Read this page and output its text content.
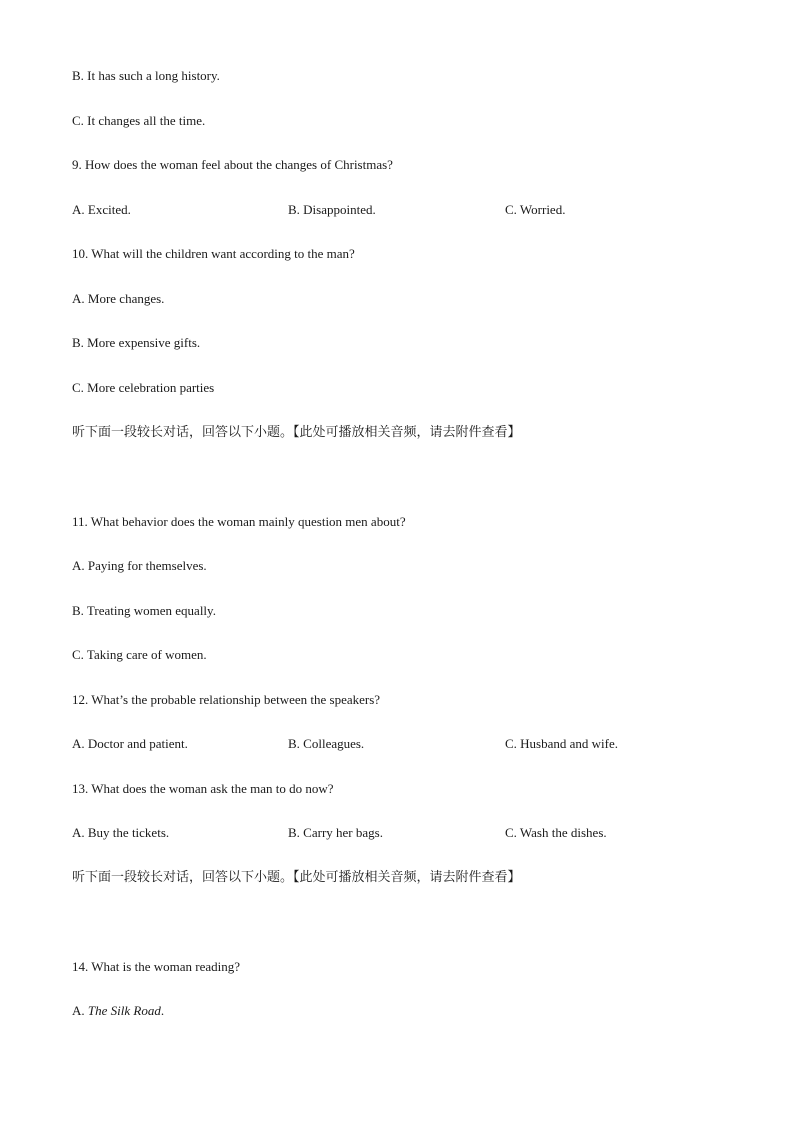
B. It has such a long history.
C. It changes all the time.
9. How does the woman feel about the changes of Christmas?
A. Excited.	B. Disappointed.	C. Worried.
10. What will the children want according to the man?
A. More changes.
B. More expensive gifts.
C. More celebration parties
听下面一段较长对话，回答以下小题。【此处可播放相关音频，请去附件查看】
11. What behavior does the woman mainly question men about?
A. Paying for themselves.
B. Treating women equally.
C. Taking care of women.
12. What’s the probable relationship between the speakers?
A. Doctor and patient.	B. Colleagues.	C. Husband and wife.
13. What does the woman ask the man to do now?
A. Buy the tickets.	B. Carry her bags.	C. Wash the dishes.
听下面一段较长对话，回答以下小题。【此处可播放相关音频，请去附件查看】
14. What is the woman reading?
A. The Silk Road.
